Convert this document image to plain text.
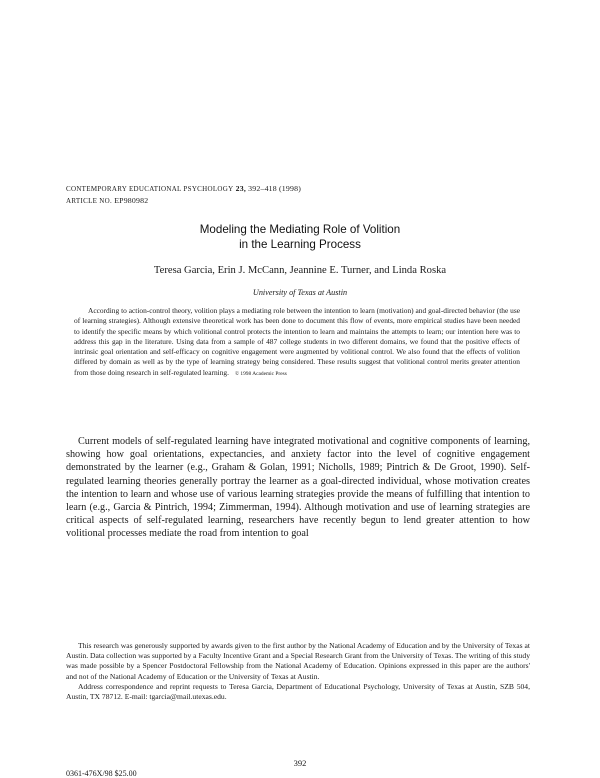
CONTEMPORARY EDUCATIONAL PSYCHOLOGY 23, 392–418 (1998)
ARTICLE NO. EP980982
Modeling the Mediating Role of Volition
in the Learning Process
Teresa Garcia, Erin J. McCann, Jeannine E. Turner, and Linda Roska
University of Texas at Austin

According to action-control theory, volition plays a mediating role between the intention to learn (motivation) and goal-directed behavior (the use of learning strategies). Although extensive theoretical work has been done to document this flow of events, more empirical studies have been needed to identify the specific means by which volitional control protects the intention to learn and maintains the attempts to learn; our intention here was to address this gap in the literature. Using data from a sample of 487 college students in two different domains, we found that the positive effects of intrinsic goal orientation and self-efficacy on cognitive engagement were augmented by volitional control. We also found that the effects of volition differed by domain as well as by the type of learning strategy being considered. These results suggest that volitional control merits greater attention from those doing research in self-regulated learning. © 1998 Academic Press

Current models of self-regulated learning have integrated motivational and cognitive components of learning, showing how goal orientations, expectancies, and anxiety factor into the level of cognitive engagement demonstrated by the learner (e.g., Graham & Golan, 1991; Nicholls, 1989; Pintrich & De Groot, 1990). Self-regulated learning theories generally portray the learner as a goal-directed individual, whose motivation creates the intention to learn and whose use of various learning strategies provide the means of fulfilling that intention to learn (e.g., Garcia & Pintrich, 1994; Zimmerman, 1994). Although motivation and use of learning strategies are critical aspects of self-regulated learning, researchers have recently begun to lend greater attention to how volitional processes mediate the road from intention to goal

This research was generously supported by awards given to the first author by the National Academy of Education and by the University of Texas at Austin. Data collection was supported by a Faculty Incentive Grant and a Special Research Grant from the University of Texas. The writing of this study was made possible by a Spencer Postdoctoral Fellowship from the National Academy of Education. Opinions expressed in this paper are the authors' and not of the National Academy of Education or the University of Texas at Austin.

Address correspondence and reprint requests to Teresa Garcia, Department of Educational Psychology, University of Texas at Austin, SZB 504, Austin, TX 78712. E-mail: tgarcia@mail.utexas.edu.

392
0361-476X/98 $25.00
